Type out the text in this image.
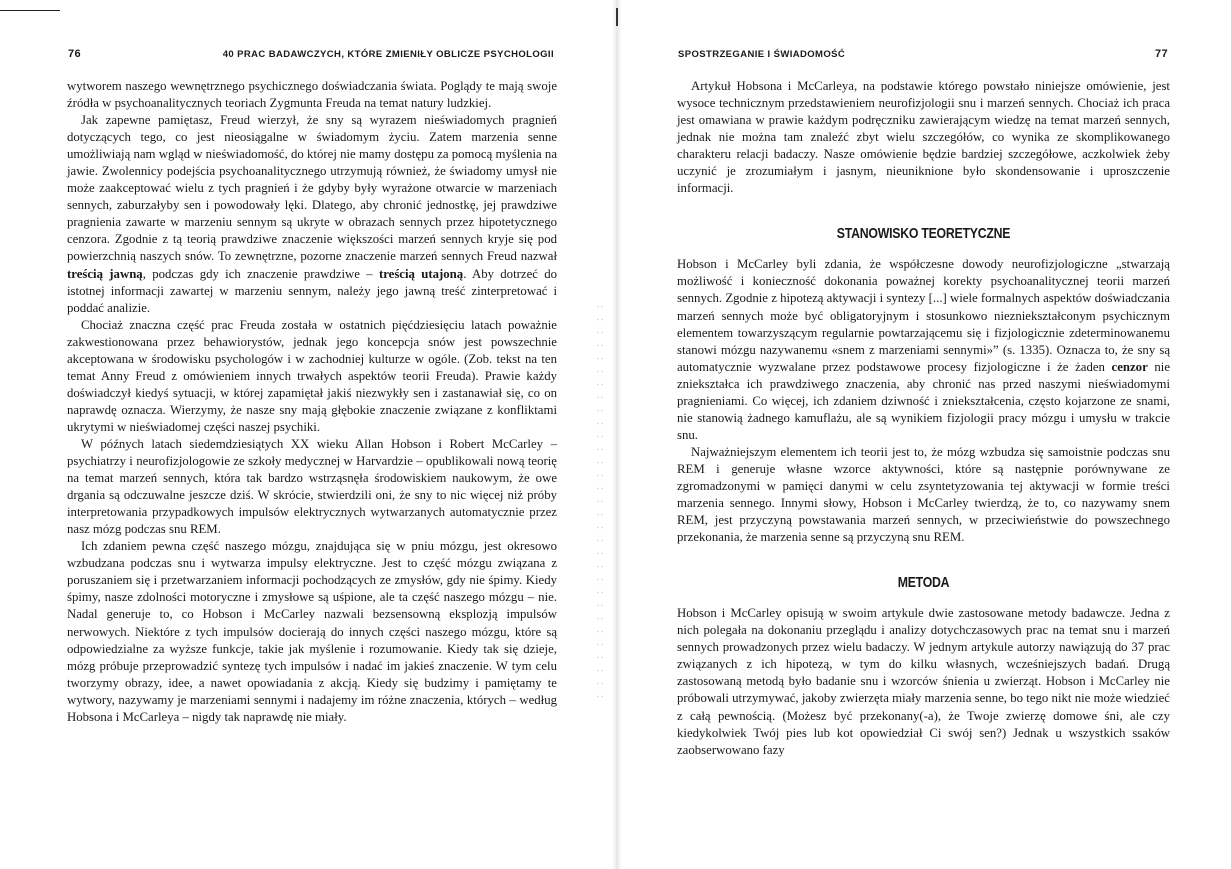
76	40 PRAC BADAWCZYCH, KTÓRE ZMIENIŁY OBLICZE PSYCHOLOGII

wytworem naszego wewnętrznego psychicznego doświadczania świata. Poglądy te mają swoje źródła w psychoanalitycznych teoriach Zygmunta Freuda na temat natury ludzkiej.

Jak zapewne pamiętasz, Freud wierzył, że sny są wyrazem nieświadomych pragnień dotyczących tego, co jest nieosiągalne w świadomym życiu. Zatem marzenia senne umożliwiają nam wgląd w nieświadomość, do której nie mamy dostępu za pomocą myślenia na jawie. Zwolennicy podejścia psychoanalitycznego utrzymują również, że świadomy umysł nie może zaakceptować wielu z tych pragnień i że gdyby były wyrażone otwarcie w marzeniach sennych, zaburzałyby sen i powodowały lęki. Dlatego, aby chronić jednostkę, jej prawdziwe pragnienia zawarte w marzeniu sennym są ukryte w obrazach sennych przez hipotetycznego cenzora. Zgodnie z tą teorią prawdziwe znaczenie większości marzeń sennych kryje się pod powierzchnią naszych snów. To zewnętrzne, pozorne znaczenie marzeń sennych Freud nazwał treścią jawną, podczas gdy ich znaczenie prawdziwe – treścią utajoną. Aby dotrzeć do istotnej informacji zawartej w marzeniu sennym, należy jego jawną treść zinterpretować i poddać analizie.

Chociaż znaczna część prac Freuda została w ostatnich pięćdziesięciu latach poważnie zakwestionowana przez behawiorystów, jednak jego koncepcja snów jest powszechnie akceptowana w środowisku psychologów i w zachodniej kulturze w ogóle. (Zob. tekst na ten temat Anny Freud z omówieniem innych trwałych aspektów teorii Freuda). Prawie każdy doświadczył kiedyś sytuacji, w której zapamiętał jakiś niezwykły sen i zastanawiał się, co on naprawdę oznacza. Wierzymy, że nasze sny mają głębokie znaczenie związane z konfliktami ukrytymi w nieświadomej części naszej psychiki.

W późnych latach siedemdziesiątych XX wieku Allan Hobson i Robert McCarley – psychiatrzy i neurofizjologowie ze szkoły medycznej w Harvardzie – opublikowali nową teorię na temat marzeń sennych, która tak bardzo wstrząsnęła środowiskiem naukowym, że owe drgania są odczuwalne jeszcze dziś. W skrócie, stwierdzili oni, że sny to nic więcej niż próby interpretowania przypadkowych impulsów elektrycznych wytwarzanych automatycznie przez nasz mózg podczas snu REM.

Ich zdaniem pewna część naszego mózgu, znajdująca się w pniu mózgu, jest okresowo wzbudzana podczas snu i wytwarza impulsy elektryczne. Jest to część mózgu związana z poruszaniem się i przetwarzaniem informacji pochodzących ze zmysłów, gdy nie śpimy. Kiedy śpimy, nasze zdolności motoryczne i zmysłowe są uśpione, ale ta część naszego mózgu – nie. Nadal generuje to, co Hobson i McCarley nazwali bezsensowną eksplozją impulsów nerwowych. Niektóre z tych impulsów docierają do innych części naszego mózgu, które są odpowiedzialne za wyższe funkcje, takie jak myślenie i rozumowanie. Kiedy tak się dzieje, mózg próbuje przeprowadzić syntezę tych impulsów i nadać im jakieś znaczenie. W tym celu tworzymy obrazy, idee, a nawet opowiadania z akcją. Kiedy się budzimy i pamiętamy te wytwory, nazywamy je marzeniami sennymi i nadajemy im różne znaczenia, których – według Hobsona i McCarleya – nigdy tak naprawdę nie miały.

SPOSTRZEGANIE I ŚWIADOMOŚĆ	77

Artykuł Hobsona i McCarleya, na podstawie którego powstało niniejsze omówienie, jest wysoce technicznym przedstawieniem neurofizjologii snu i marzeń sennych. Chociaż ich praca jest omawiana w prawie każdym podręczniku zawierającym wiedzę na temat marzeń sennych, jednak nie można tam znaleźć zbyt wielu szczegółów, co wynika ze skomplikowanego charakteru relacji badaczy. Nasze omówienie będzie bardziej szczegółowe, aczkolwiek żeby uczynić je zrozumiałym i jasnym, nieuniknione było skondensowanie i uproszczenie informacji.

STANOWISKO TEORETYCZNE

Hobson i McCarley byli zdania, że współczesne dowody neurofizjologiczne „stwarzają możliwość i konieczność dokonania poważnej korekty psychoanalitycznej teorii marzeń sennych. Zgodnie z hipotezą aktywacji i syntezy [...] wiele formalnych aspektów doświadczania marzeń sennych może być obligatoryjnym i stosunkowo niezniekształconym psychicznym elementem towarzyszącym regularnie powtarzającemu się i fizjologicznie zdeterminowanemu stanowi mózgu nazywanemu «snem z marzeniami sennymi»” (s. 1335). Oznacza to, że sny są automatycznie wyzwalane przez podstawowe procesy fizjologiczne i że żaden cenzor nie zniekształca ich prawdziwego znaczenia, aby chronić nas przed naszymi nieświadomymi pragnieniami. Co więcej, ich zdaniem dziwność i zniekształcenia, często kojarzone ze snami, nie stanowią żadnego kamuflażu, ale są wynikiem fizjologii pracy mózgu i umysłu w trakcie snu.

Najważniejszym elementem ich teorii jest to, że mózg wzbudza się samoistnie podczas snu REM i generuje własne wzorce aktywności, które są następnie porównywane ze zgromadzonymi w pamięci danymi w celu zsyntetyzowania tej aktywacji w formie treści marzenia sennego. Innymi słowy, Hobson i McCarley twierdzą, że to, co nazywamy snem REM, jest przyczyną powstawania marzeń sennych, w przeciwieństwie do powszechnego przekonania, że marzenia senne są przyczyną snu REM.

METODA

Hobson i McCarley opisują w swoim artykule dwie zastosowane metody badawcze. Jedna z nich polegała na dokonaniu przeglądu i analizy dotychczasowych prac na temat snu i marzeń sennych prowadzonych przez wielu badaczy. W jednym artykule autorzy nawiązują do 37 prac związanych z ich hipotezą, w tym do kilku własnych, wcześniejszych badań. Drugą zastosowaną metodą było badanie snu i wzorców śnienia u zwierząt. Hobson i McCarley nie próbowali utrzymywać, jakoby zwierzęta miały marzenia senne, bo tego nikt nie może wiedzieć z całą pewnością. (Możesz być przekonany(-a), że Twoje zwierzę domowe śni, ale czy kiedykolwiek Twój pies lub kot opowiedział Ci swój sen?) Jednak u wszystkich ssaków zaobserwowano fazy
